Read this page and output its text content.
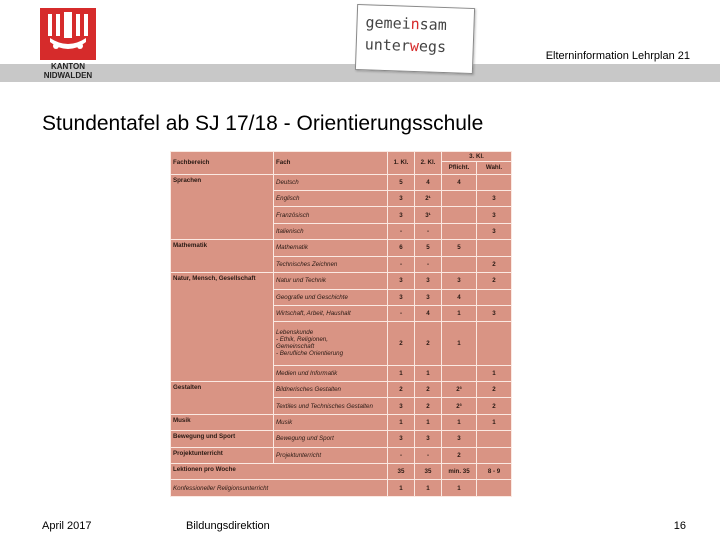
KANTON
NIDWALDEN
gemeinsam
unterwegs	Elterninformation Lehrplan 21
Stundentafel ab SJ 17/18 - Orientierungsschule
Fachbereich	Fach	1. Kl.	2. Kl.	3. Kl.	
				Pflicht.	Wahl.
Sprachen	Deutsch	5	4	4	
	Englisch	3	2¹		3
	Französisch	3	3¹		3
	Italienisch	-	-		3
Mathematik	Mathematik	6	5	5	
	Technisches Zeichnen	-	-		2
Natur, Mensch, Gesellschaft	Natur und Technik	3	3	3	2
	Geografie und Geschichte	3	3	4	
	Wirtschaft, Arbeit, Haushalt	-	4	1	3

	Lebenskunde
- Ethik, Religionen,
Gemeinschaft
- Berufliche Orientierung	2	2	1	
	Medien und Informatik	1	1		1
Gestalten	Bildnerisches Gestalten	2	2	2³	2
	Textiles und Technisches Gestalten	3	2	2³	2
Musik	Musik	1	1	1	1
Bewegung und Sport	Bewegung und Sport	3	3	3	
Projektunterricht	Projektunterricht	-	-	2	
Lektionen pro Woche		35	35	min. 35	8 - 9
Konfessioneller Religionsunterricht		1	1	1	
April 2017	Bildungsdirektion	16
